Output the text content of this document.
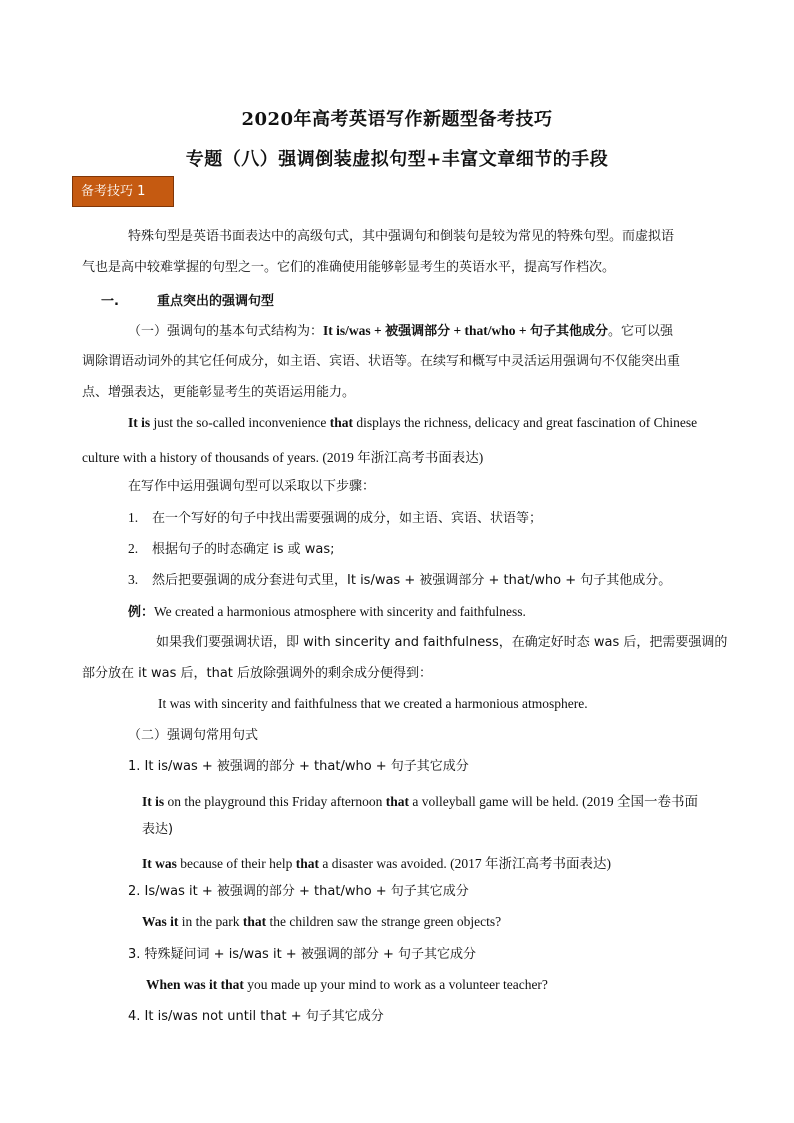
2020年高考英语写作新题型备考技巧
专题（八）强调倒装虚拟句型+丰富文章细节的手段
备考技巧 1
特殊句型是英语书面表达中的高级句式，其中强调句和倒装句是较为常见的特殊句型。而虚拟语
气也是高中较难掌握的句型之一。它们的准确使用能够彰显考生的英语水平，提高写作档次。
一.	重点突出的强调句型
（一）强调句的基本句式结构为：It is/was + 被强调部分 + that/who + 句子其他成分。它可以强
调除谓语动词外的其它任何成分，如主语、宾语、状语等。在续写和概写中灵活运用强调句不仅能突出重
点、增强表达，更能彰显考生的英语运用能力。
It is just the so-called inconvenience that displays the richness, delicacy and great fascination of Chinese
culture with a history of thousands of years. (2019 年浙江高考书面表达)
在写作中运用强调句型可以采取以下步骤：
1. 在一个写好的句子中找出需要强调的成分，如主语、宾语、状语等；
2. 根据句子的时态确定 is 或 was;
3. 然后把要强调的成分套进句式里，It is/was + 被强调部分 + that/who + 句子其他成分。
例：We created a harmonious atmosphere with sincerity and faithfulness.
如果我们要强调状语，即 with sincerity and faithfulness，在确定好时态 was 后，把需要强调的
部分放在 it was 后，that 后放除强调外的剩余成分便得到：
It was with sincerity and faithfulness that we created a harmonious atmosphere.
（二）强调句常用句式
1. It is/was + 被强调的部分 + that/who + 句子其它成分
It is on the playground this Friday afternoon that a volleyball game will be held. (2019 全国一卷书面
表达)
It was because of their help that a disaster was avoided. (2017 年浙江高考书面表达)
2. Is/was it + 被强调的部分 + that/who + 句子其它成分
Was it in the park that the children saw the strange green objects?
3. 特殊疑问词 + is/was it + 被强调的部分 + 句子其它成分
When was it that you made up your mind to work as a volunteer teacher?
4. It is/was not until that + 句子其它成分
